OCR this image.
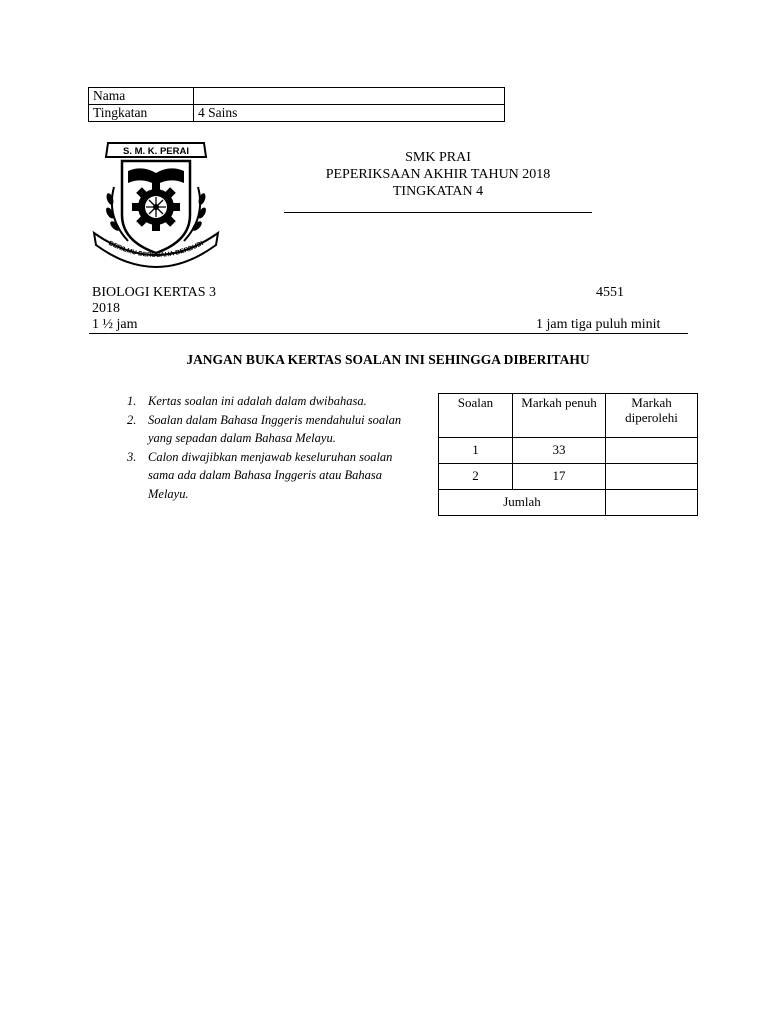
Nama	
Tingkatan	4 Sains
S. M. K. PERAI
BERILMU BERUSAHA BERBUDI
SMK PRAI
PEPERIKSAAN AKHIR TAHUN 2018
TINGKATAN 4
BIOLOGI KERTAS 3	4551
2018
1 ½ jam	1 jam tiga puluh minit
JANGAN BUKA KERTAS SOALAN INI SEHINGGA DIBERITAHU
1. Kertas soalan ini adalah dalam dwibahasa.
2. Soalan dalam Bahasa Inggeris mendahului soalan yang sepadan dalam Bahasa Melayu.
3. Calon diwajibkan menjawab keseluruhan soalan sama ada dalam Bahasa Inggeris atau Bahasa Melayu.
Soalan	Markah penuh	Markah diperolehi
1	33	
2	17	
Jumlah		
